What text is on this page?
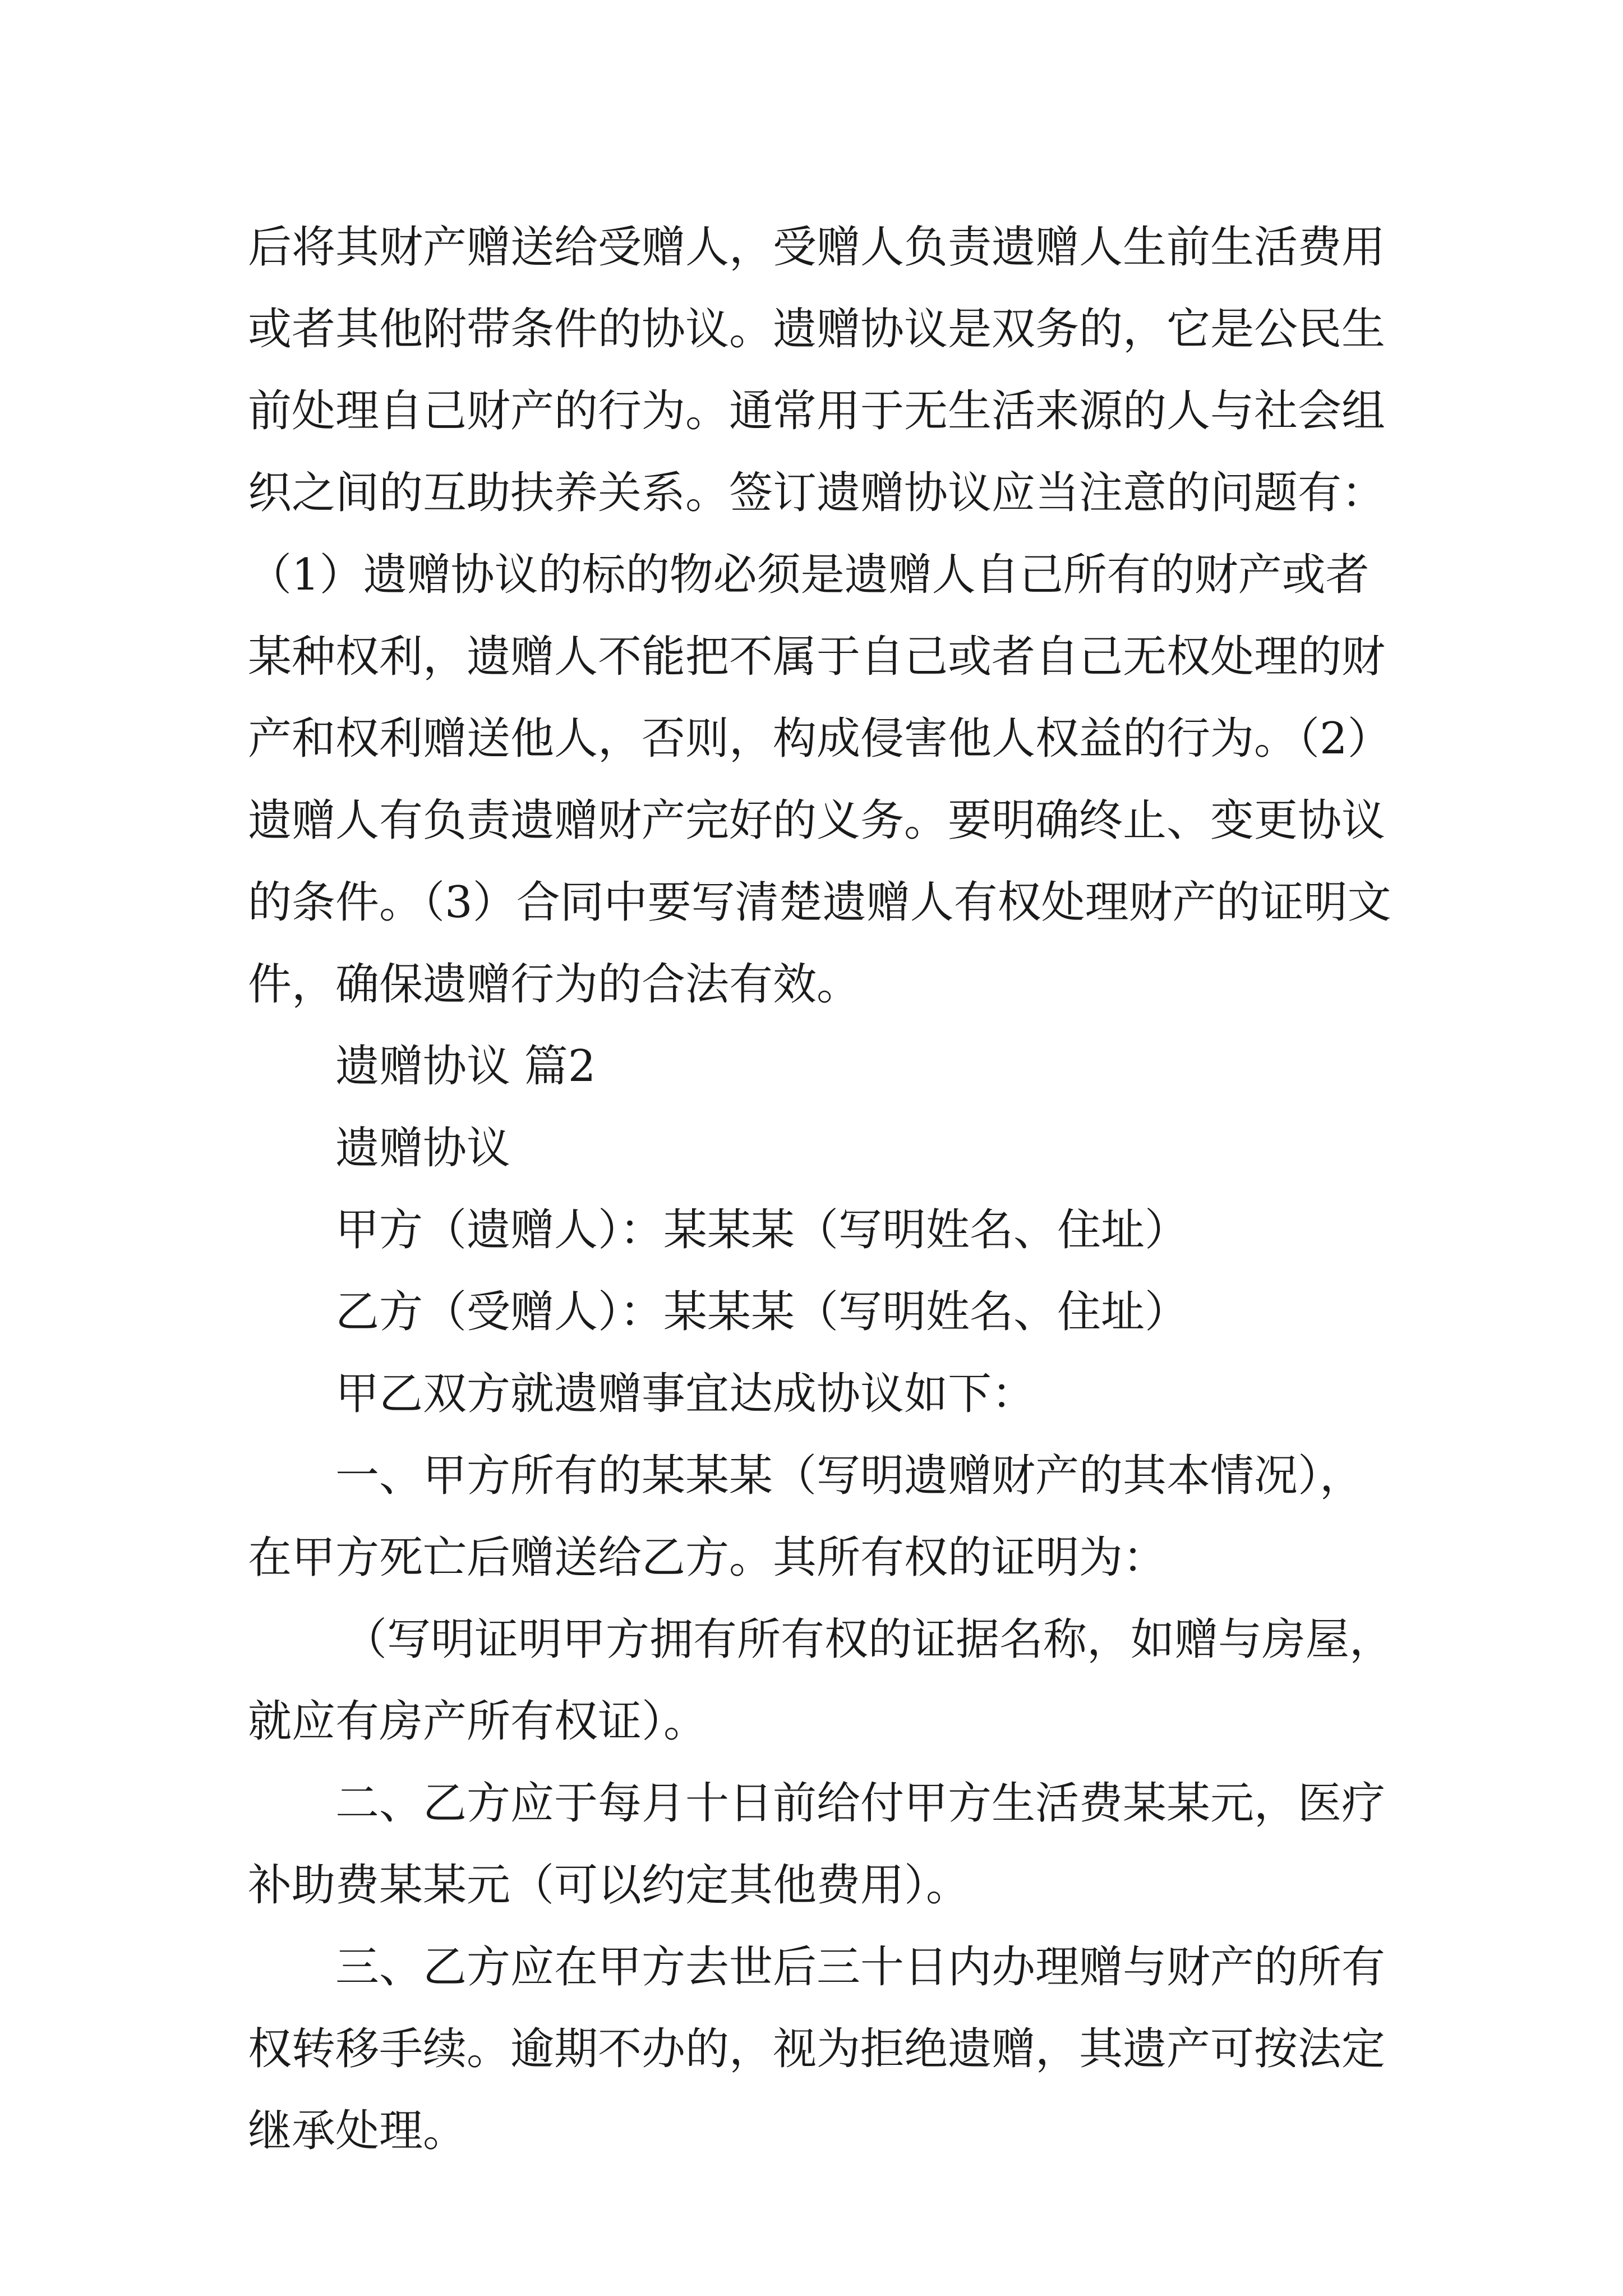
后将其财产赠送给受赠人，受赠人负责遗赠人生前生活费用
或者其他附带条件的协议。遗赠协议是双务的，它是公民生
前处理自己财产的行为。通常用于无生活来源的人与社会组
织之间的互助扶养关系。签订遗赠协议应当注意的问题有：
（1）遗赠协议的标的物必须是遗赠人自己所有的财产或者
某种权利，遗赠人不能把不属于自己或者自己无权处理的财
产和权利赠送他人，否则，构成侵害他人权益的行为。（2）
遗赠人有负责遗赠财产完好的义务。要明确终止、变更协议
的条件。（3）合同中要写清楚遗赠人有权处理财产的证明文
件，确保遗赠行为的合法有效。
遗赠协议 篇2
遗赠协议
甲方（遗赠人）：某某某（写明姓名、住址）
乙方（受赠人）：某某某（写明姓名、住址）
甲乙双方就遗赠事宜达成协议如下：
一、甲方所有的某某某（写明遗赠财产的其本情况），
在甲方死亡后赠送给乙方。其所有权的证明为：
（写明证明甲方拥有所有权的证据名称，如赠与房屋，
就应有房产所有权证）。
二、乙方应于每月十日前给付甲方生活费某某元，医疗
补助费某某元（可以约定其他费用）。
三、乙方应在甲方去世后三十日内办理赠与财产的所有
权转移手续。逾期不办的，视为拒绝遗赠，其遗产可按法定
继承处理。
